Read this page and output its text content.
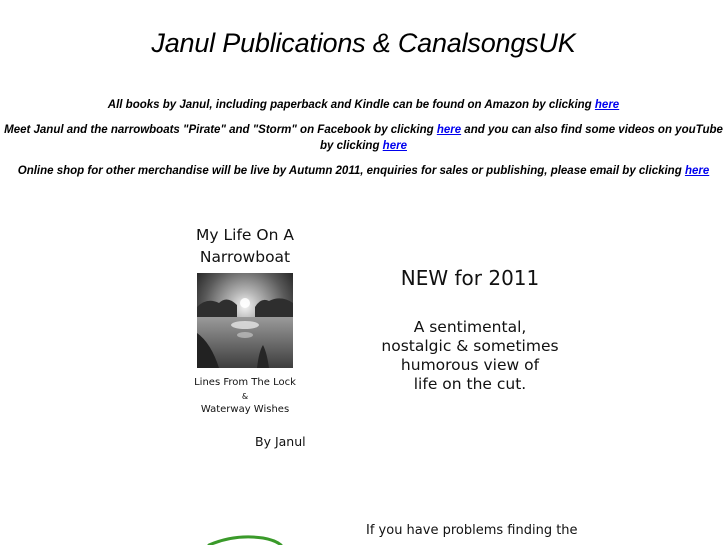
Janul Publications & CanalsongsUK

All books by Janul, including paperback and Kindle can be found on Amazon by clicking here

Meet Janul and the narrowboats "Pirate" and "Storm" on Facebook by clicking here and you can also find some videos on youTube by clicking here

Online shop for other merchandise will be live by Autumn 2011, enquiries for sales or publishing, please email by clicking here

My Life On A
Narrowboat
Lines From The Lock
&
Waterway Wishes
By Janul
NEW for 2011
A sentimental,
nostalgic & sometimes
humorous view of
life on the cut.
If you have problems finding the
